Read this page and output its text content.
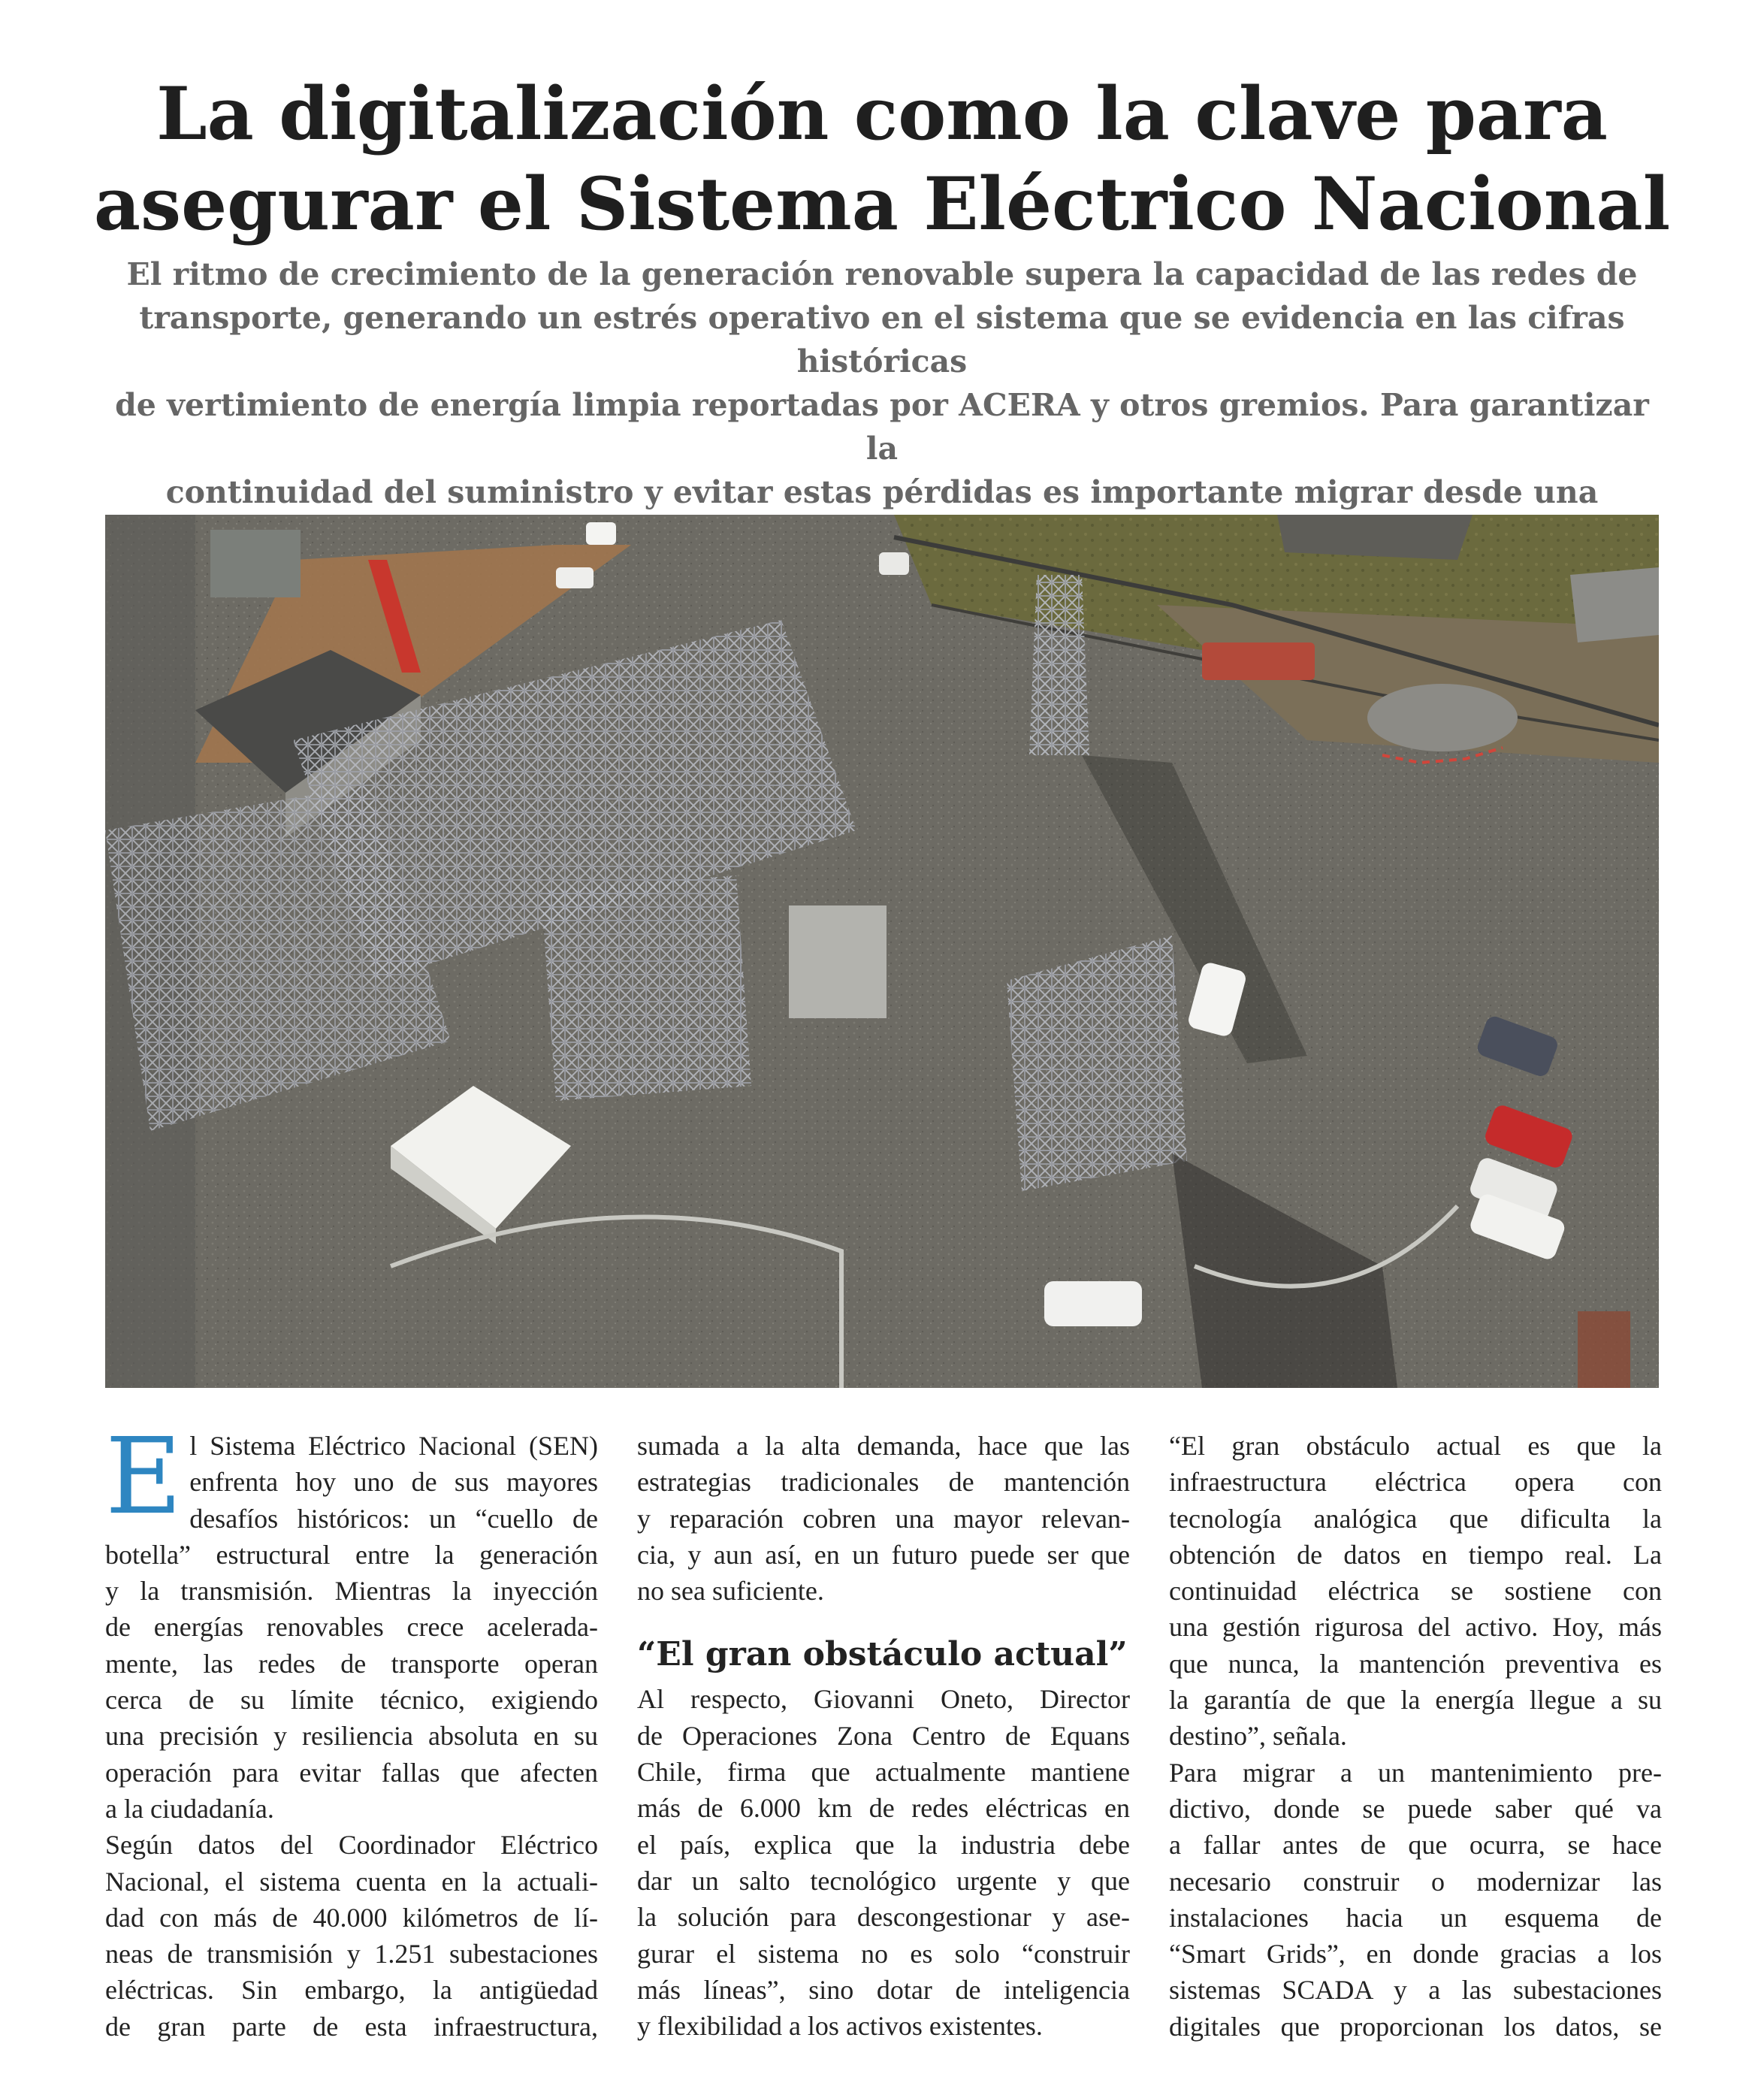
La digitalización como la clave para
asegurar el Sistema Eléctrico Nacional

El ritmo de crecimiento de la generación renovable supera la capacidad de las redes de
transporte, generando un estrés operativo en el sistema que se evidencia en las cifras históricas
de vertimiento de energía limpia reportadas por ACERA y otros gremios. Para garantizar la
continuidad del suministro y evitar estas pérdidas es importante migrar desde una

E l Sistema Eléctrico Nacional (SEN)
enfrenta hoy uno de sus mayores
desafíos históricos: un “cuello de
botella” estructural entre la generación
y la transmisión. Mientras la inyección
de energías renovables crece acelerada-
mente, las redes de transporte operan
cerca de su límite técnico, exigiendo
una precisión y resiliencia absoluta en su
operación para evitar fallas que afecten
a la ciudadanía.
Según datos del Coordinador Eléctrico
Nacional, el sistema cuenta en la actuali-
dad con más de 40.000 kilómetros de lí-
neas de transmisión y 1.251 subestaciones
eléctricas. Sin embargo, la antigüedad
de gran parte de esta infraestructura,
sumada a la alta demanda, hace que las
estrategias tradicionales de mantención
y reparación cobren una mayor relevan-
cia, y aun así, en un futuro puede ser que
no sea suficiente.
“El gran obstáculo actual”
Al respecto, Giovanni Oneto, Director
de Operaciones Zona Centro de Equans
Chile, firma que actualmente mantiene
más de 6.000 km de redes eléctricas en
el país, explica que la industria debe
dar un salto tecnológico urgente y que
la solución para descongestionar y ase-
gurar el sistema no es solo “construir
más líneas”, sino dotar de inteligencia
y flexibilidad a los activos existentes.
“El gran obstáculo actual es que la
infraestructura eléctrica opera con
tecnología analógica que dificulta la
obtención de datos en tiempo real. La
continuidad eléctrica se sostiene con
una gestión rigurosa del activo. Hoy, más
que nunca, la mantención preventiva es
la garantía de que la energía llegue a su
destino”, señala.
Para migrar a un mantenimiento pre-
dictivo, donde se puede saber qué va
a fallar antes de que ocurra, se hace
necesario construir o modernizar las
instalaciones hacia un esquema de
“Smart Grids”, en donde gracias a los
sistemas SCADA y a las subestaciones
digitales que proporcionan los datos, se
